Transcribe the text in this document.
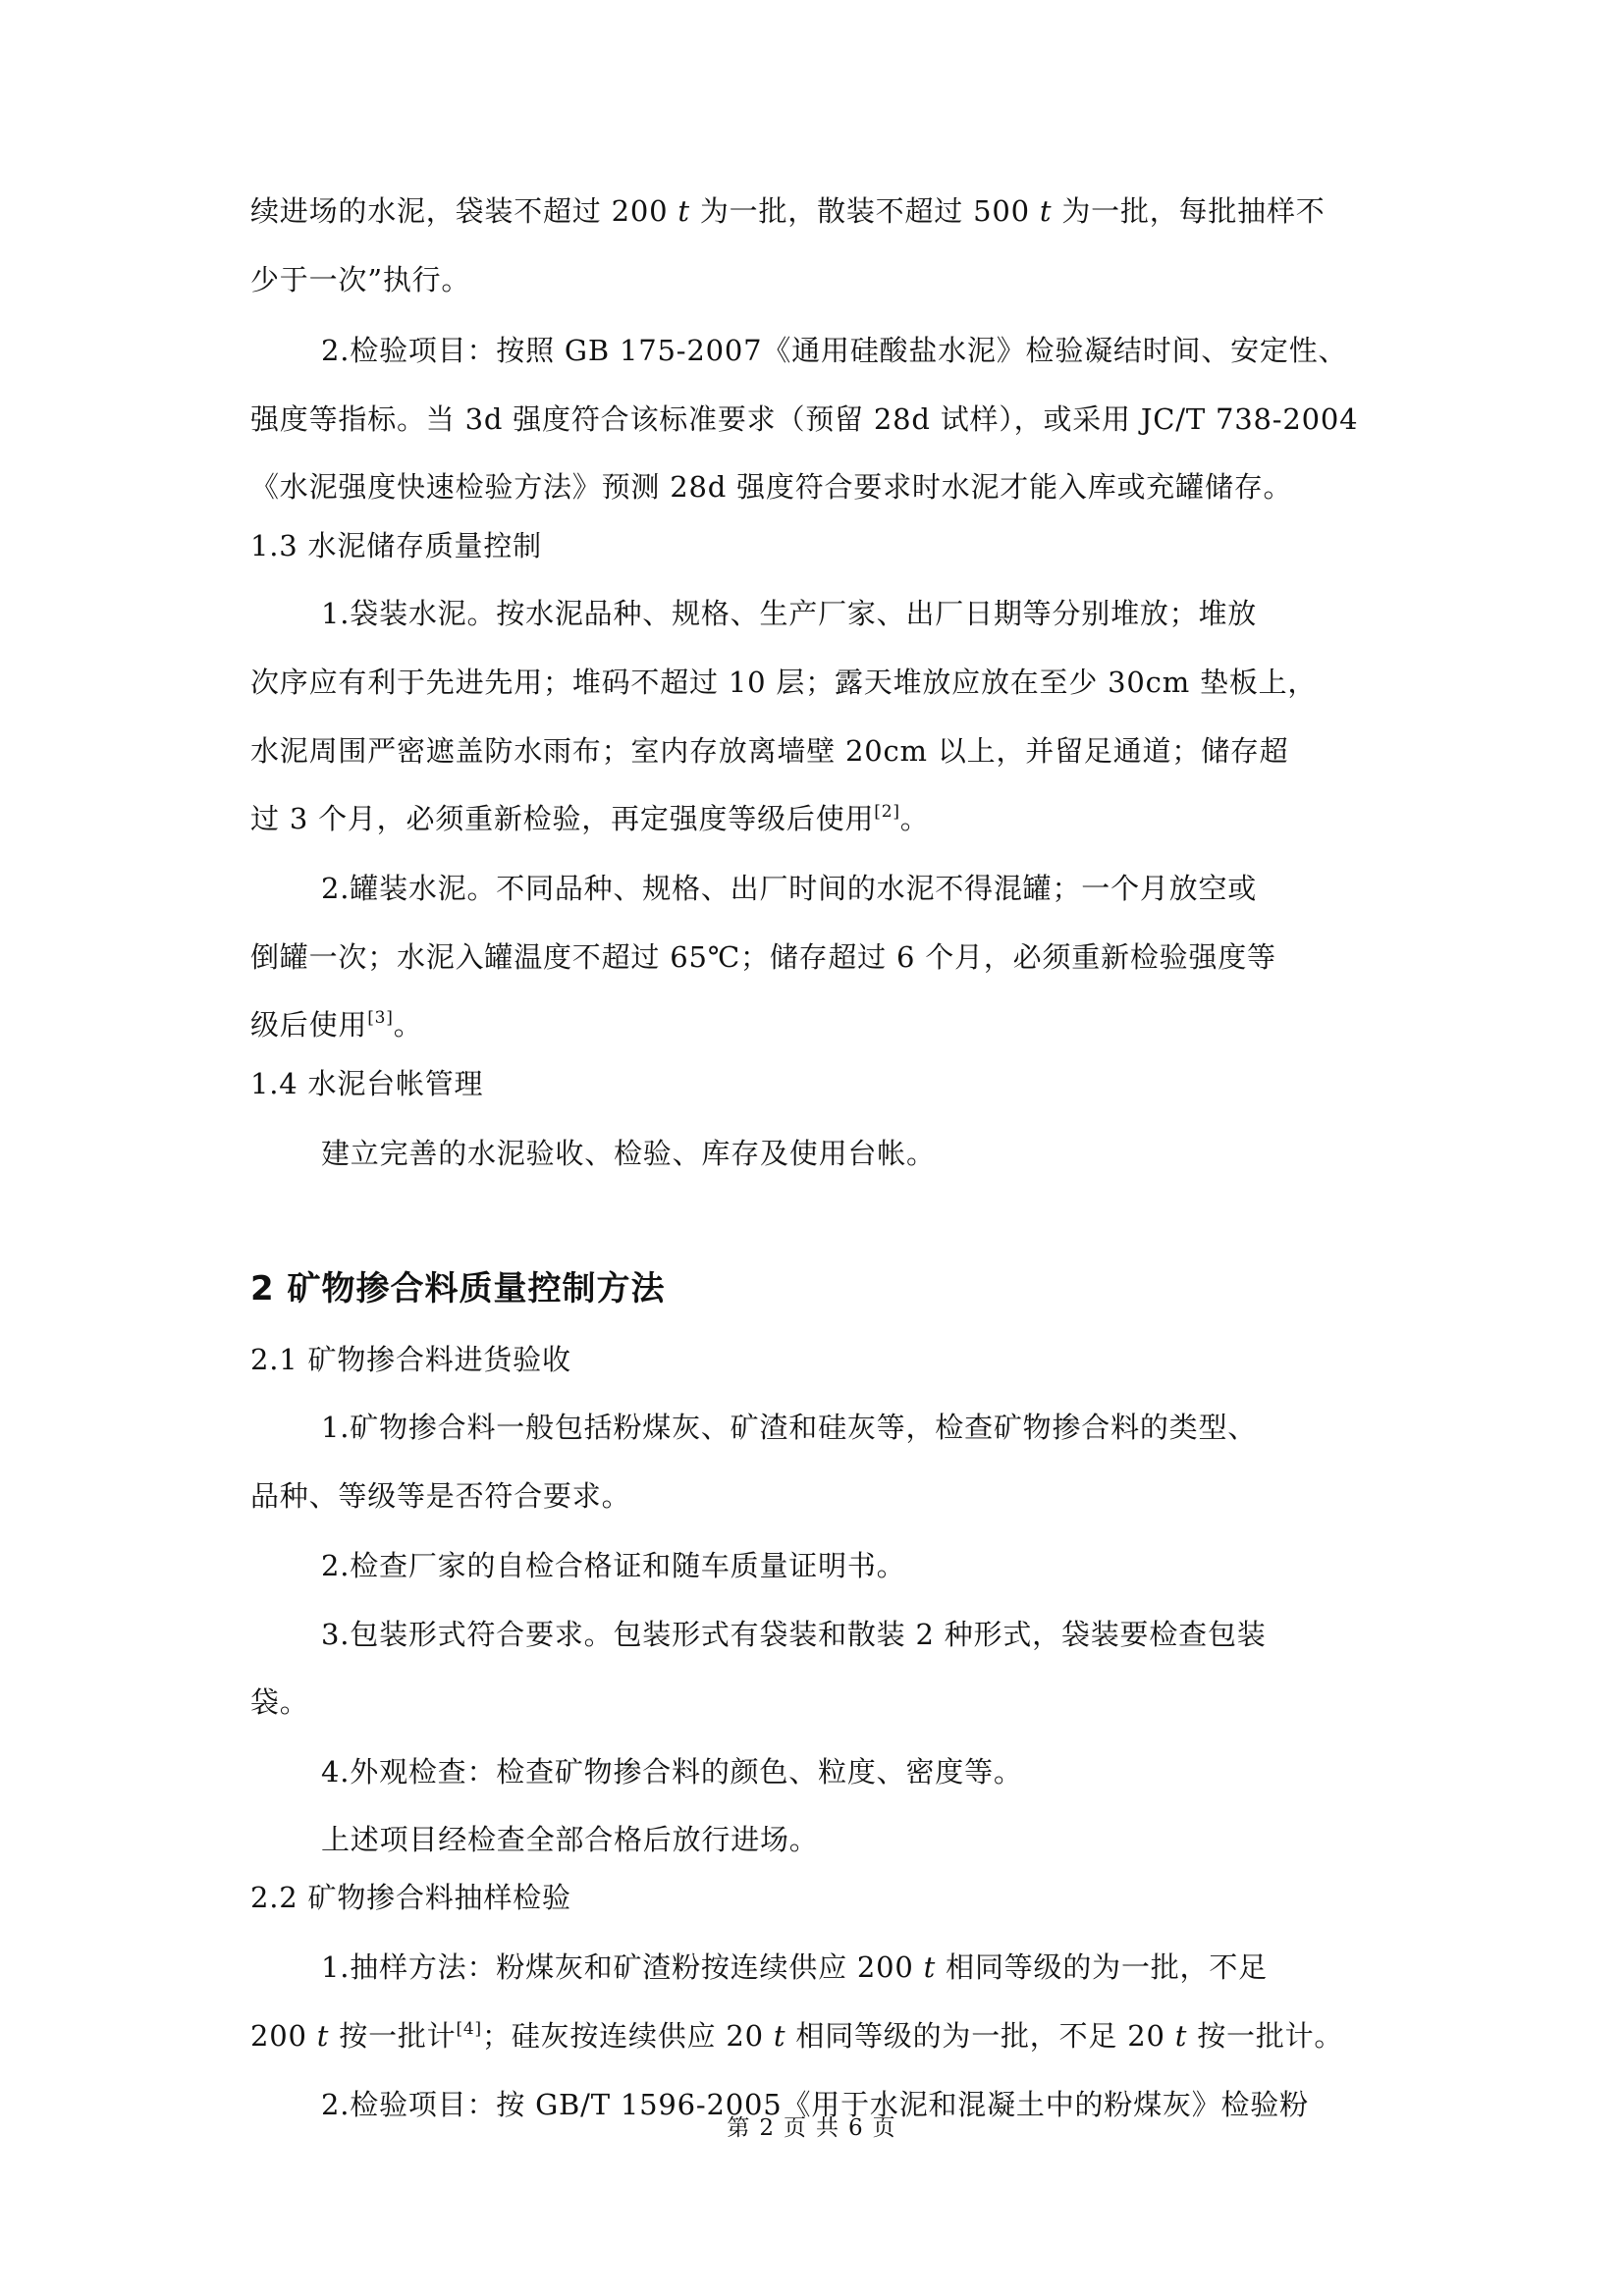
续进场的水泥，袋装不超过 200 t 为一批，散装不超过 500 t 为一批，每批抽样不
少于一次”执行。
2.检验项目：按照 GB 175-2007《通用硅酸盐水泥》检验凝结时间、安定性、
强度等指标。当 3d 强度符合该标准要求（预留 28d 试样），或采用 JC/T 738-2004
《水泥强度快速检验方法》预测 28d 强度符合要求时水泥才能入库或充罐储存。
1.3 水泥储存质量控制
1.袋装水泥。按水泥品种、规格、生产厂家、出厂日期等分别堆放；堆放
次序应有利于先进先用；堆码不超过 10 层；露天堆放应放在至少 30cm 垫板上，
水泥周围严密遮盖防水雨布；室内存放离墙壁 20cm 以上，并留足通道；储存超
过 3 个月，必须重新检验，再定强度等级后使用[2]。
2.罐装水泥。不同品种、规格、出厂时间的水泥不得混罐；一个月放空或
倒罐一次；水泥入罐温度不超过 65℃；储存超过 6 个月，必须重新检验强度等
级后使用[3]。
1.4 水泥台帐管理
建立完善的水泥验收、检验、库存及使用台帐。
2 矿物掺合料质量控制方法
2.1 矿物掺合料进货验收
1.矿物掺合料一般包括粉煤灰、矿渣和硅灰等，检查矿物掺合料的类型、
品种、等级等是否符合要求。
2.检查厂家的自检合格证和随车质量证明书。
3.包装形式符合要求。包装形式有袋装和散装 2 种形式，袋装要检查包装
袋。
4.外观检查：检查矿物掺合料的颜色、粒度、密度等。
上述项目经检查全部合格后放行进场。
2.2 矿物掺合料抽样检验
1.抽样方法：粉煤灰和矿渣粉按连续供应 200 t 相同等级的为一批，不足
200 t 按一批计[4]；硅灰按连续供应 20 t 相同等级的为一批，不足 20 t 按一批计。
2.检验项目：按 GB/T 1596-2005《用于水泥和混凝土中的粉煤灰》检验粉
第 2 页 共 6 页
